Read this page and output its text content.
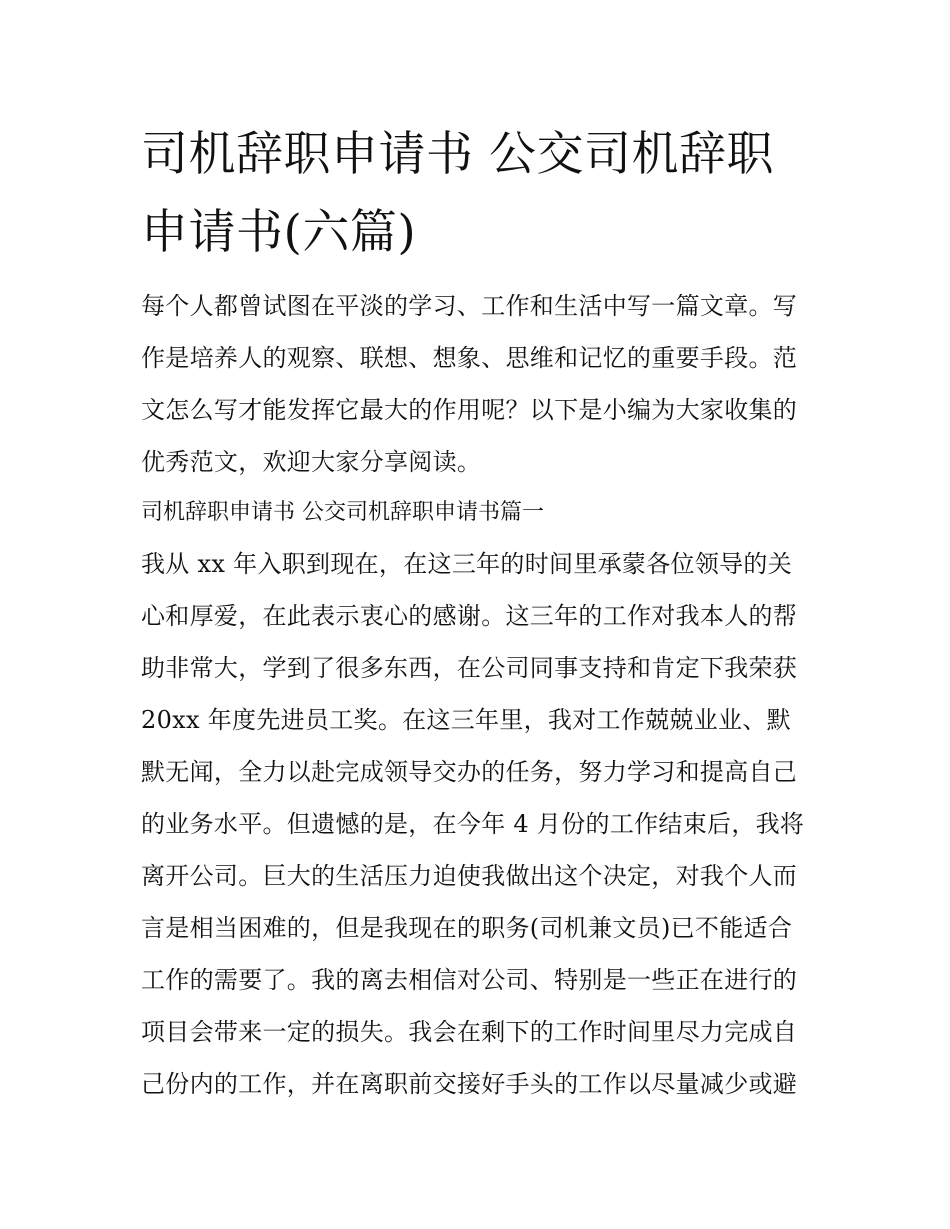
司机辞职申请书 公交司机辞职
申请书(六篇)
每个人都曾试图在平淡的学习、工作和生活中写一篇文章。写
作是培养人的观察、联想、想象、思维和记忆的重要手段。范
文怎么写才能发挥它最大的作用呢？以下是小编为大家收集的
优秀范文，欢迎大家分享阅读。
司机辞职申请书 公交司机辞职申请书篇一
我从 xx 年入职到现在，在这三年的时间里承蒙各位领导的关
心和厚爱，在此表示衷心的感谢。这三年的工作对我本人的帮
助非常大，学到了很多东西，在公司同事支持和肯定下我荣获
20xx 年度先进员工奖。在这三年里，我对工作兢兢业业、默
默无闻，全力以赴完成领导交办的任务，努力学习和提高自己
的业务水平。但遗憾的是，在今年 4 月份的工作结束后，我将
离开公司。巨大的生活压力迫使我做出这个决定，对我个人而
言是相当困难的，但是我现在的职务(司机兼文员)已不能适合
工作的需要了。我的离去相信对公司、特别是一些正在进行的
项目会带来一定的损失。我会在剩下的工作时间里尽力完成自
己份内的工作，并在离职前交接好手头的工作以尽量减少或避
